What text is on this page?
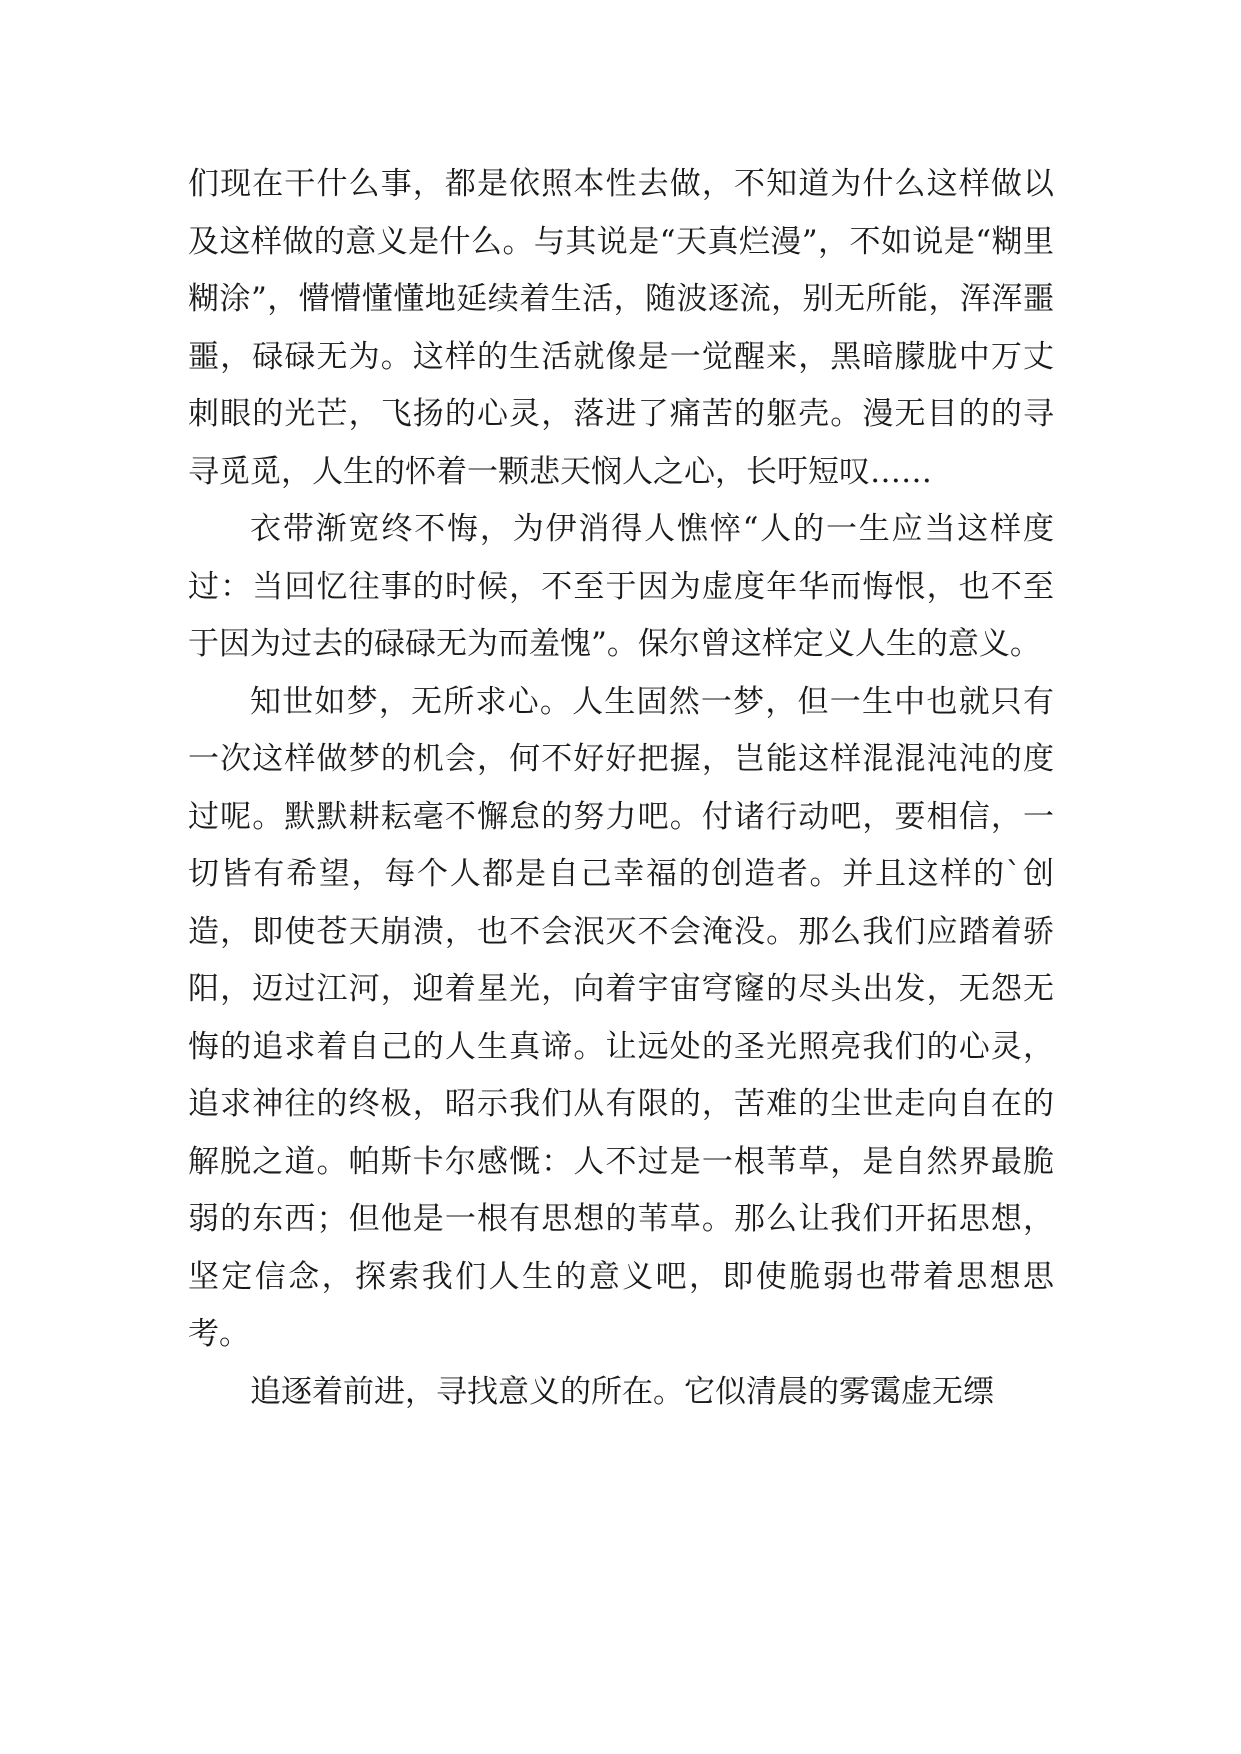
们现在干什么事，都是依照本性去做，不知道为什么这样做以及这样做的意义是什么。与其说是“天真烂漫”，不如说是“糊里糊涂”，懵懵懂懂地延续着生活，随波逐流，别无所能，浑浑噩噩，碌碌无为。这样的生活就像是一觉醒来，黑暗朦胧中万丈刺眼的光芒，飞扬的心灵，落进了痛苦的躯壳。漫无目的的寻寻觅觅，人生的怀着一颗悲天悯人之心，长吁短叹……

衣带渐宽终不悔，为伊消得人憔悴“人的一生应当这样度过：当回忆往事的时候，不至于因为虚度年华而悔恨，也不至于因为过去的碌碌无为而羞愧”。保尔曾这样定义人生的意义。

知世如梦，无所求心。人生固然一梦，但一生中也就只有一次这样做梦的机会，何不好好把握，岂能这样混混沌沌的度过呢。默默耕耘毫不懈怠的努力吧。付诸行动吧，要相信，一切皆有希望，每个人都是自己幸福的创造者。并且这样的`创造，即使苍天崩溃，也不会泯灭不会淹没。那么我们应踏着骄阳，迈过江河，迎着星光，向着宇宙穹窿的尽头出发，无怨无悔的追求着自己的人生真谛。让远处的圣光照亮我们的心灵，追求神往的终极，昭示我们从有限的，苦难的尘世走向自在的解脱之道。帕斯卡尔感慨：人不过是一根苇草，是自然界最脆弱的东西；但他是一根有思想的苇草。那么让我们开拓思想，坚定信念，探索我们人生的意义吧，即使脆弱也带着思想思考。

追逐着前进，寻找意义的所在。它似清晨的雾霭虚无缥
